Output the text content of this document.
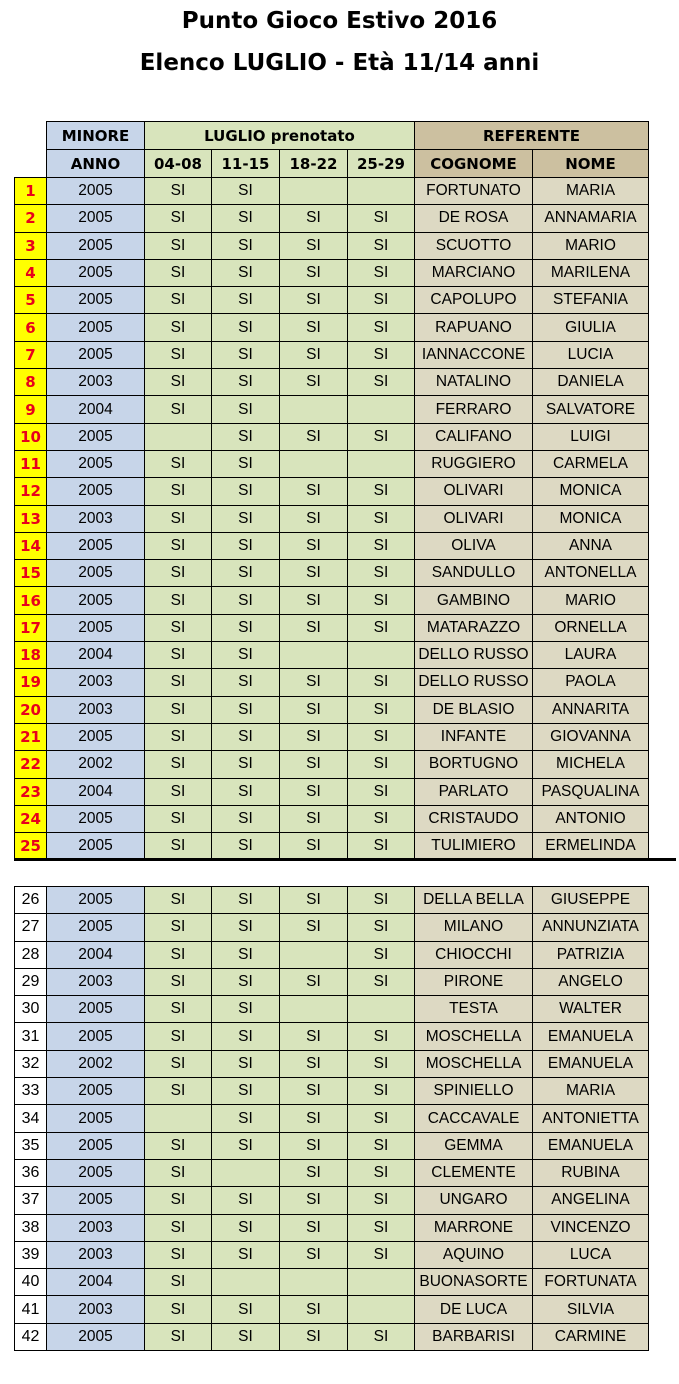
Punto Gioco Estivo 2016
Elenco LUGLIO - Età 11/14 anni
	MINORE	LUGLIO prenotato				REFERENTE	
	ANNO	04-08	11-15	18-22	25-29	COGNOME	NOME
1	2005	SI	SI			FORTUNATO	MARIA
2	2005	SI	SI	SI	SI	DE ROSA	ANNAMARIA
3	2005	SI	SI	SI	SI	SCUOTTO	MARIO
4	2005	SI	SI	SI	SI	MARCIANO	MARILENA
5	2005	SI	SI	SI	SI	CAPOLUPO	STEFANIA
6	2005	SI	SI	SI	SI	RAPUANO	GIULIA
7	2005	SI	SI	SI	SI	IANNACCONE	LUCIA
8	2003	SI	SI	SI	SI	NATALINO	DANIELA
9	2004	SI	SI			FERRARO	SALVATORE
10	2005		SI	SI	SI	CALIFANO	LUIGI
11	2005	SI	SI			RUGGIERO	CARMELA
12	2005	SI	SI	SI	SI	OLIVARI	MONICA
13	2003	SI	SI	SI	SI	OLIVARI	MONICA
14	2005	SI	SI	SI	SI	OLIVA	ANNA
15	2005	SI	SI	SI	SI	SANDULLO	ANTONELLA
16	2005	SI	SI	SI	SI	GAMBINO	MARIO
17	2005	SI	SI	SI	SI	MATARAZZO	ORNELLA
18	2004	SI	SI			DELLO RUSSO	LAURA
19	2003	SI	SI	SI	SI	DELLO RUSSO	PAOLA
20	2003	SI	SI	SI	SI	DE BLASIO	ANNARITA
21	2005	SI	SI	SI	SI	INFANTE	GIOVANNA
22	2002	SI	SI	SI	SI	BORTUGNO	MICHELA
23	2004	SI	SI	SI	SI	PARLATO	PASQUALINA
24	2005	SI	SI	SI	SI	CRISTAUDO	ANTONIO
25	2005	SI	SI	SI	SI	TULIMIERO	ERMELINDA
26	2005	SI	SI	SI	SI	DELLA BELLA	GIUSEPPE
27	2005	SI	SI	SI	SI	MILANO	ANNUNZIATA
28	2004	SI	SI		SI	CHIOCCHI	PATRIZIA
29	2003	SI	SI	SI	SI	PIRONE	ANGELO
30	2005	SI	SI			TESTA	WALTER
31	2005	SI	SI	SI	SI	MOSCHELLA	EMANUELA
32	2002	SI	SI	SI	SI	MOSCHELLA	EMANUELA
33	2005	SI	SI	SI	SI	SPINIELLO	MARIA
34	2005		SI	SI	SI	CACCAVALE	ANTONIETTA
35	2005	SI	SI	SI	SI	GEMMA	EMANUELA
36	2005	SI		SI	SI	CLEMENTE	RUBINA
37	2005	SI	SI	SI	SI	UNGARO	ANGELINA
38	2003	SI	SI	SI	SI	MARRONE	VINCENZO
39	2003	SI	SI	SI	SI	AQUINO	LUCA
40	2004	SI				BUONASORTE	FORTUNATA
41	2003	SI	SI	SI		DE LUCA	SILVIA
42	2005	SI	SI	SI	SI	BARBARISI	CARMINE
